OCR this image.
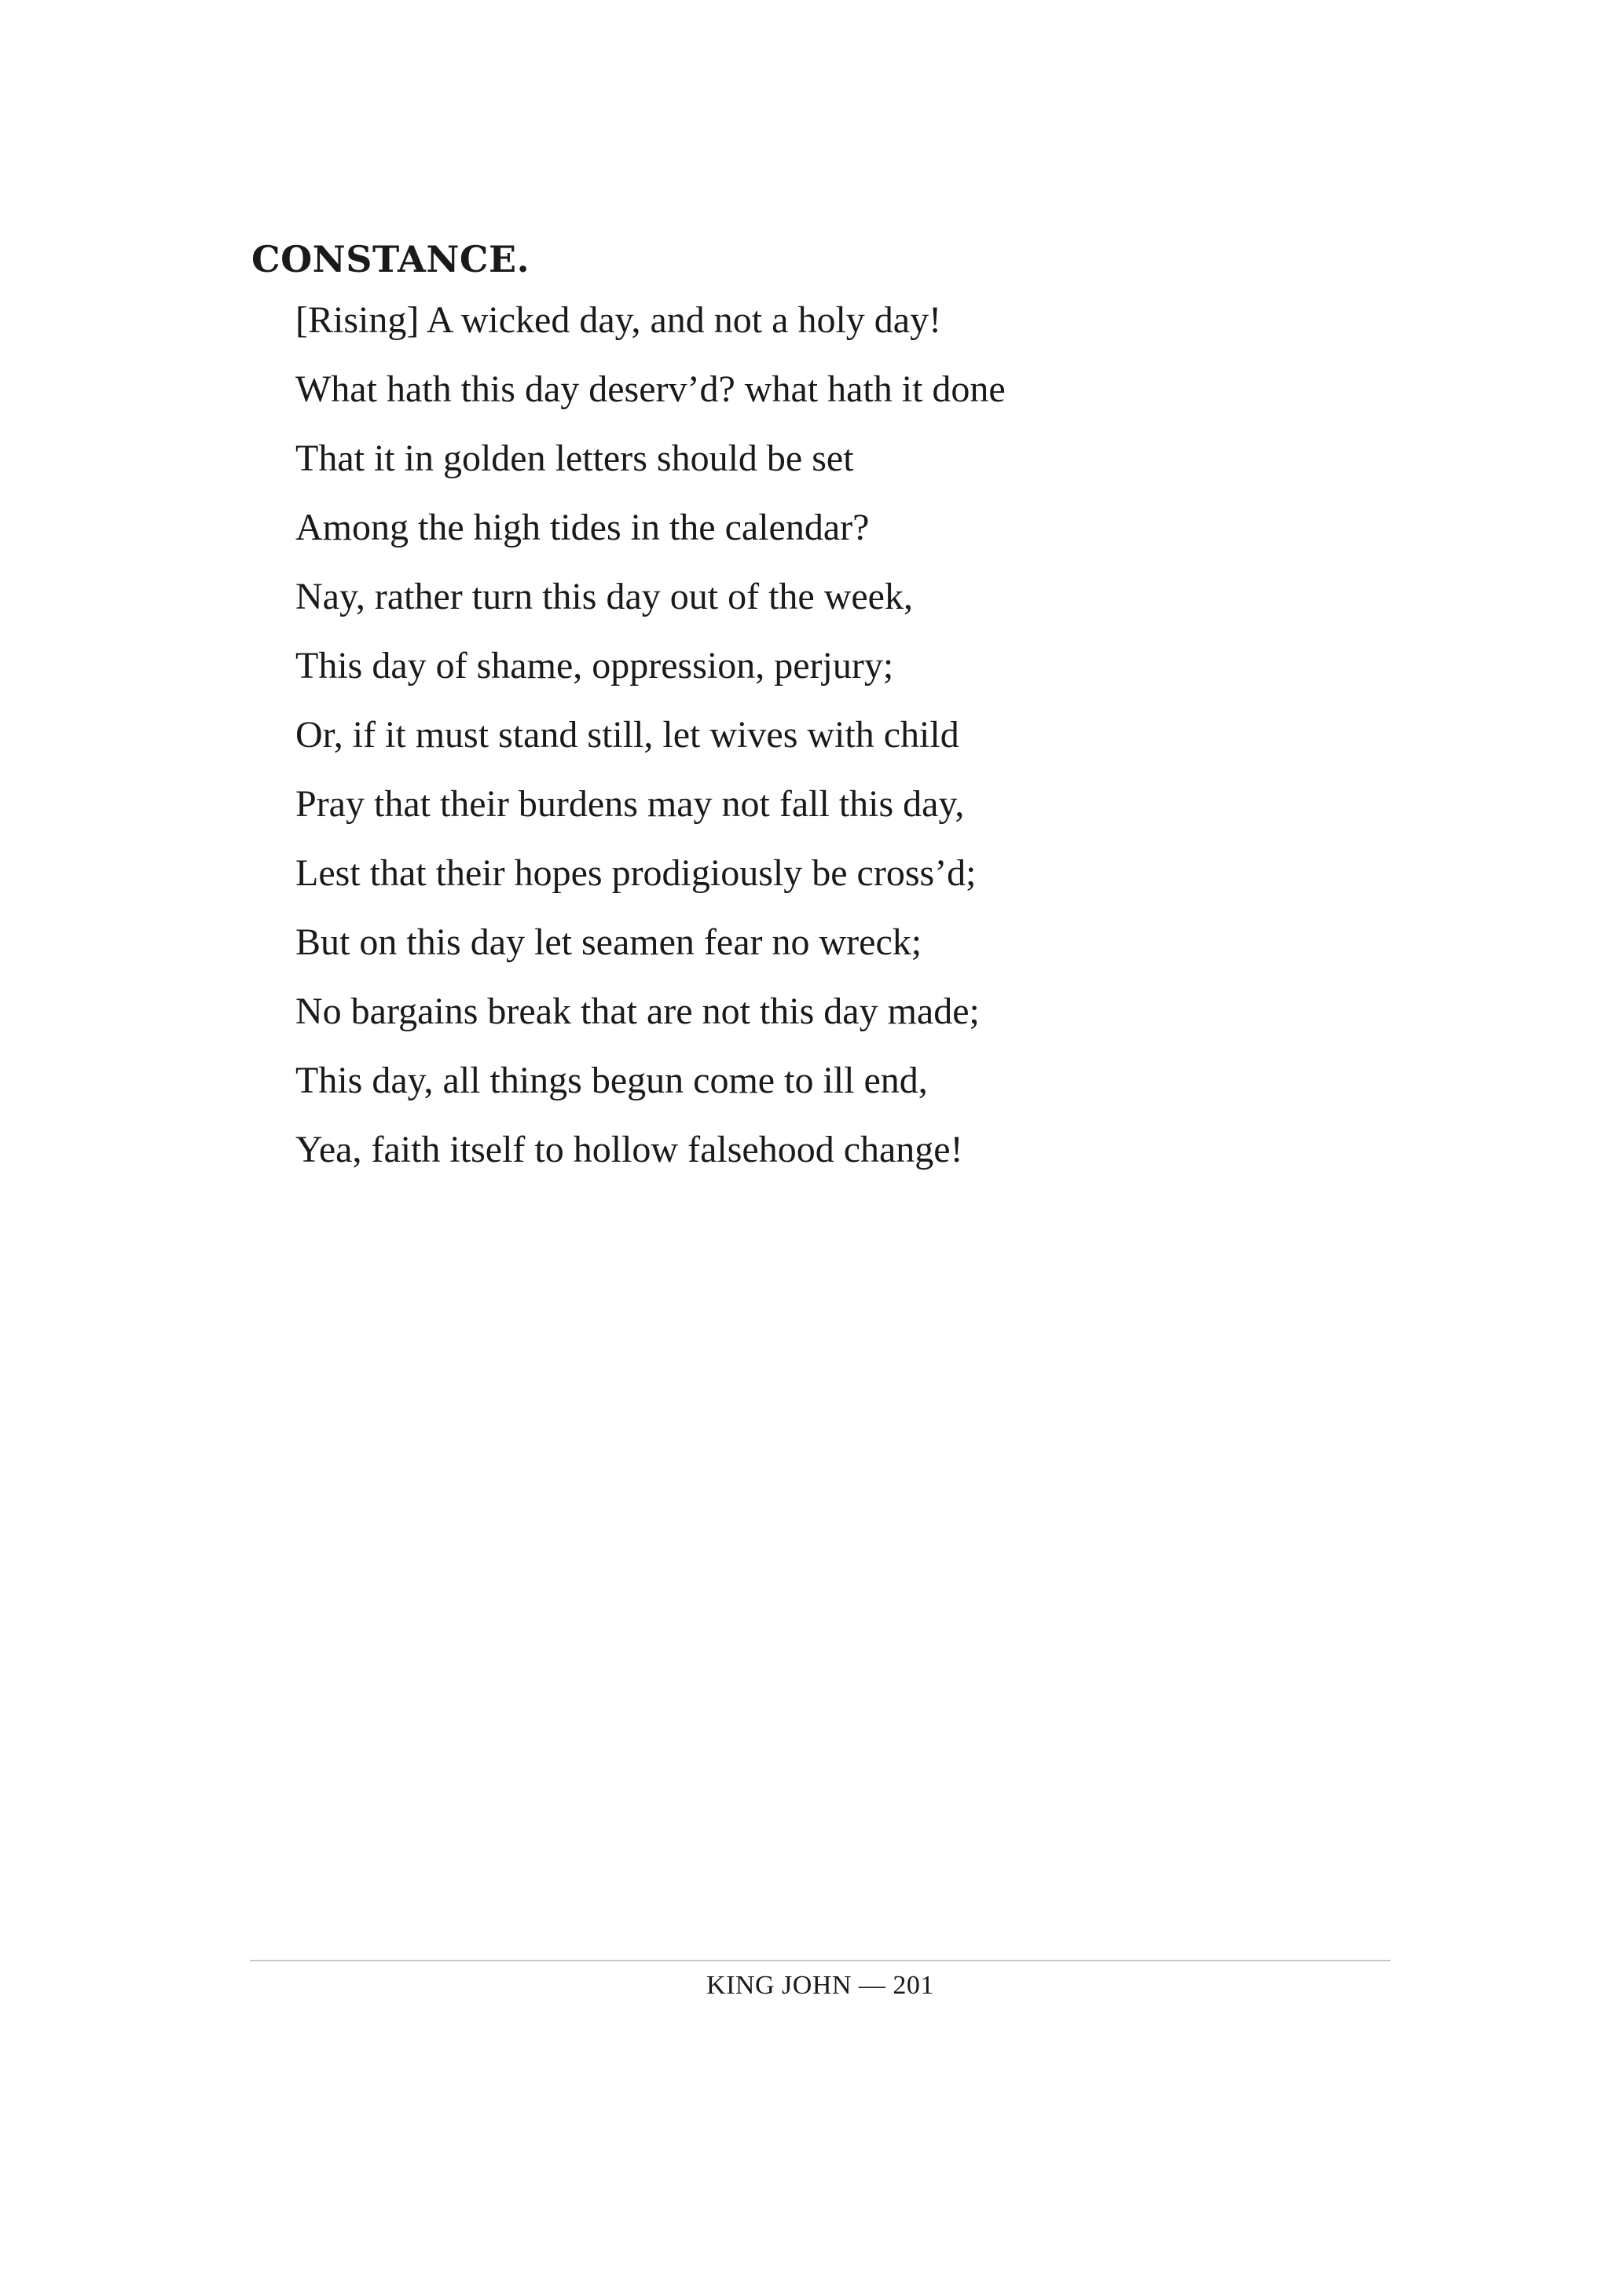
CONSTANCE.
[Rising] A wicked day, and not a holy day!
What hath this day deserv’d? what hath it done
That it in golden letters should be set
Among the high tides in the calendar?
Nay, rather turn this day out of the week,
This day of shame, oppression, perjury;
Or, if it must stand still, let wives with child
Pray that their burdens may not fall this day,
Lest that their hopes prodigiously be cross’d;
But on this day let seamen fear no wreck;
No bargains break that are not this day made;
This day, all things begun come to ill end,
Yea, faith itself to hollow falsehood change!
KING JOHN — 201
